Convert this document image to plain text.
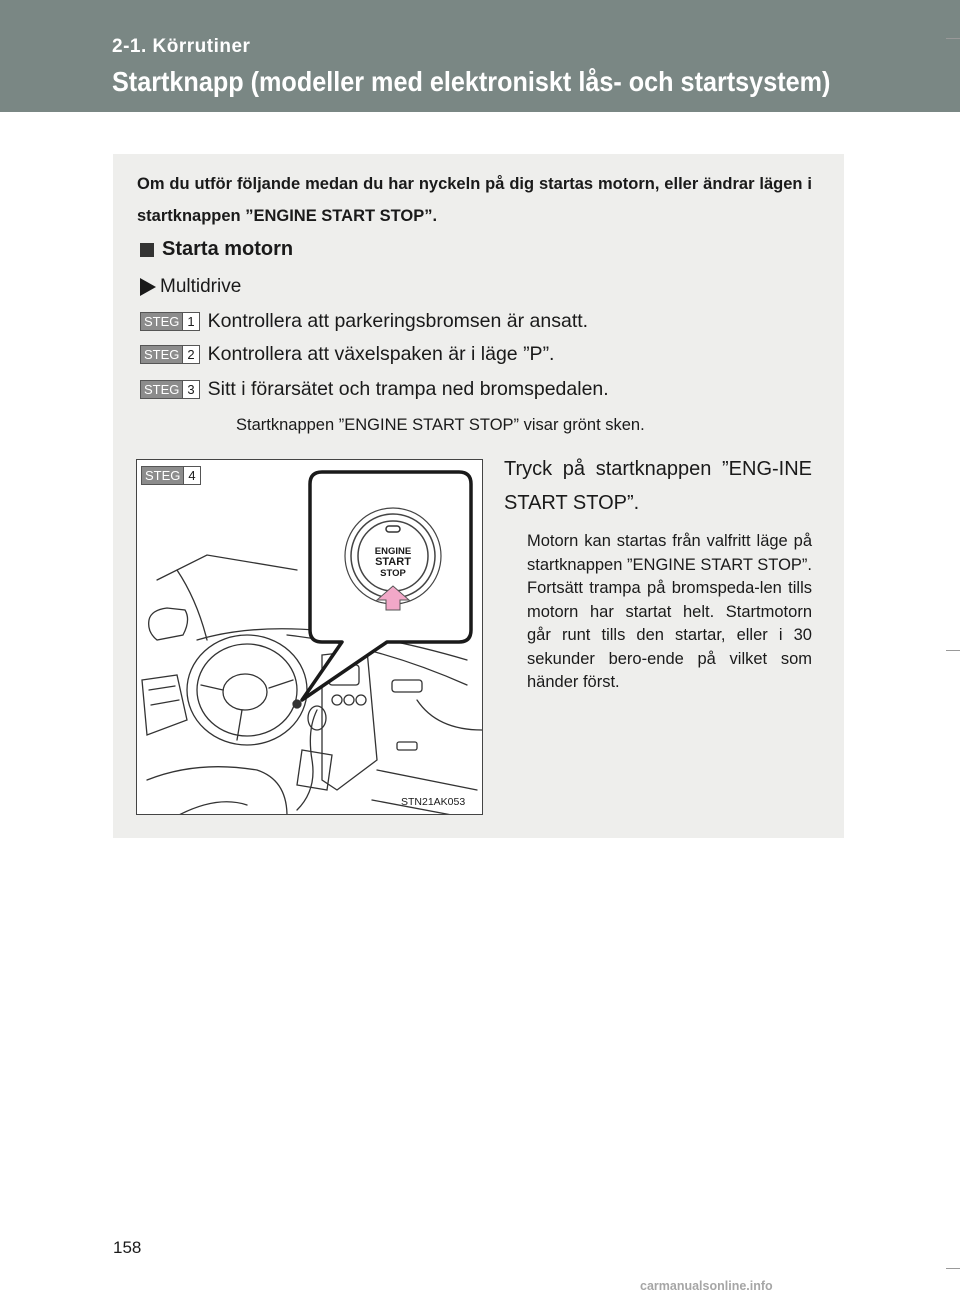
2-1. Körrutiner
Startknapp (modeller med elektroniskt lås- och startsystem)
Om du utför följande medan du har nyckeln på dig startas motorn, eller ändrar lägen i startknappen ”ENGINE START STOP”.
Starta motorn
Multidrive
STEG 1 Kontrollera att parkeringsbromsen är ansatt.
STEG 2 Kontrollera att växelspaken är i läge ”P”.
STEG 3 Sitt i förarsätet och trampa ned bromspedalen.
Startknappen ”ENGINE START STOP” visar grönt sken.
ENGINE
START
STOP
STEG 4
STN21AK053
Tryck på startknappen ”ENG-INE START STOP”.
Motorn kan startas från valfritt läge på startknappen ”ENGINE START STOP”. Fortsätt trampa på bromspeda-len tills motorn har startat helt. Startmotorn går runt tills den startar, eller i 30 sekunder bero-ende på vilket som händer först.
158
carmanualsonline.info
